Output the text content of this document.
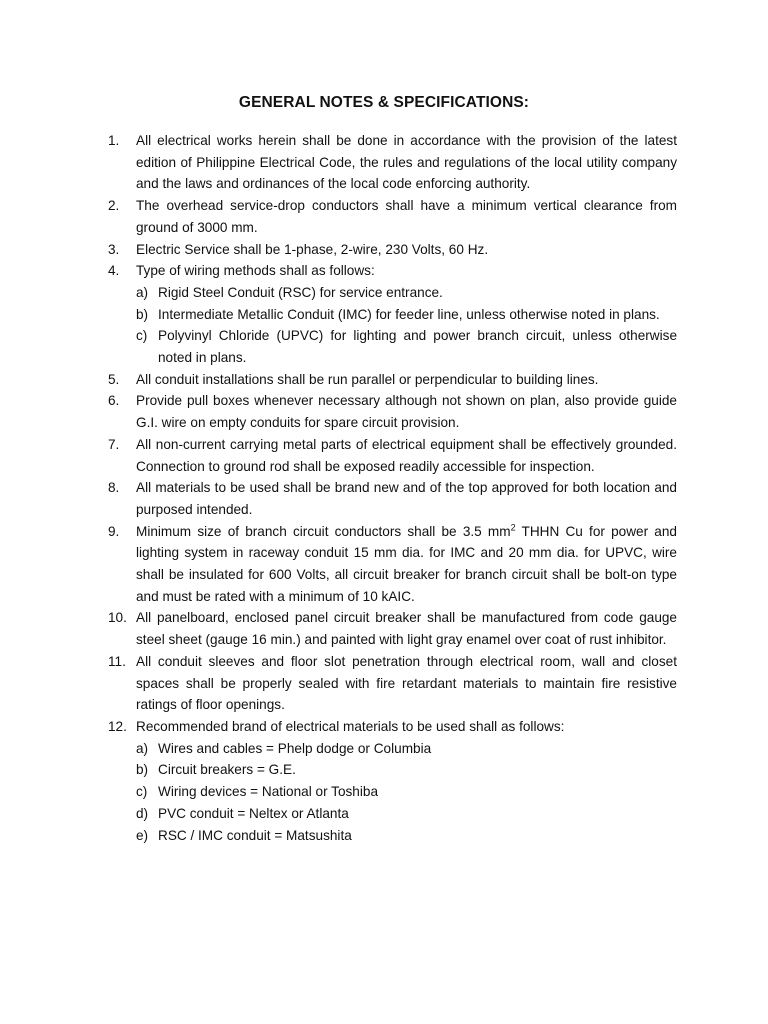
GENERAL NOTES & SPECIFICATIONS:
1.	All electrical works herein shall be done in accordance with the provision of the latest edition of Philippine Electrical Code, the rules and regulations of the local utility company and the laws and ordinances of the local code enforcing authority.
2.	The overhead service-drop conductors shall have a minimum vertical clearance from ground of 3000 mm.
3.	Electric Service shall be 1-phase, 2-wire, 230 Volts, 60 Hz.
4.	Type of wiring methods shall as follows:
a) Rigid Steel Conduit (RSC) for service entrance.
b) Intermediate Metallic Conduit (IMC) for feeder line, unless otherwise noted in plans.
c) Polyvinyl Chloride (UPVC) for lighting and power branch circuit, unless otherwise noted in plans.
5.	All conduit installations shall be run parallel or perpendicular to building lines.
6.	Provide pull boxes whenever necessary although not shown on plan, also provide guide G.I. wire on empty conduits for spare circuit provision.
7.	All non-current carrying metal parts of electrical equipment shall be effectively grounded. Connection to ground rod shall be exposed readily accessible for inspection.
8.	All materials to be used shall be brand new and of the top approved for both location and purposed intended.
9.	Minimum size of branch circuit conductors shall be 3.5 $mm^2$ THHN Cu for power and lighting system in raceway conduit 15 mm dia. for IMC and 20 mm dia. for UPVC, wire shall be insulated for 600 Volts, all circuit breaker for branch circuit shall be bolt-on type and must be rated with a minimum of 10 kAIC.
10. All panelboard, enclosed panel circuit breaker shall be manufactured from code gauge steel sheet (gauge 16 min.) and painted with light gray enamel over coat of rust inhibitor.
11. All conduit sleeves and floor slot penetration through electrical room, wall and closet spaces shall be properly sealed with fire retardant materials to maintain fire resistive ratings of floor openings.
12. Recommended brand of electrical materials to be used shall as follows:
a) Wires and cables = Phelp dodge or Columbia
b) Circuit breakers = G.E.
c) Wiring devices = National or Toshiba
d) PVC conduit = Neltex or Atlanta
e) RSC / IMC conduit = Matsushita
